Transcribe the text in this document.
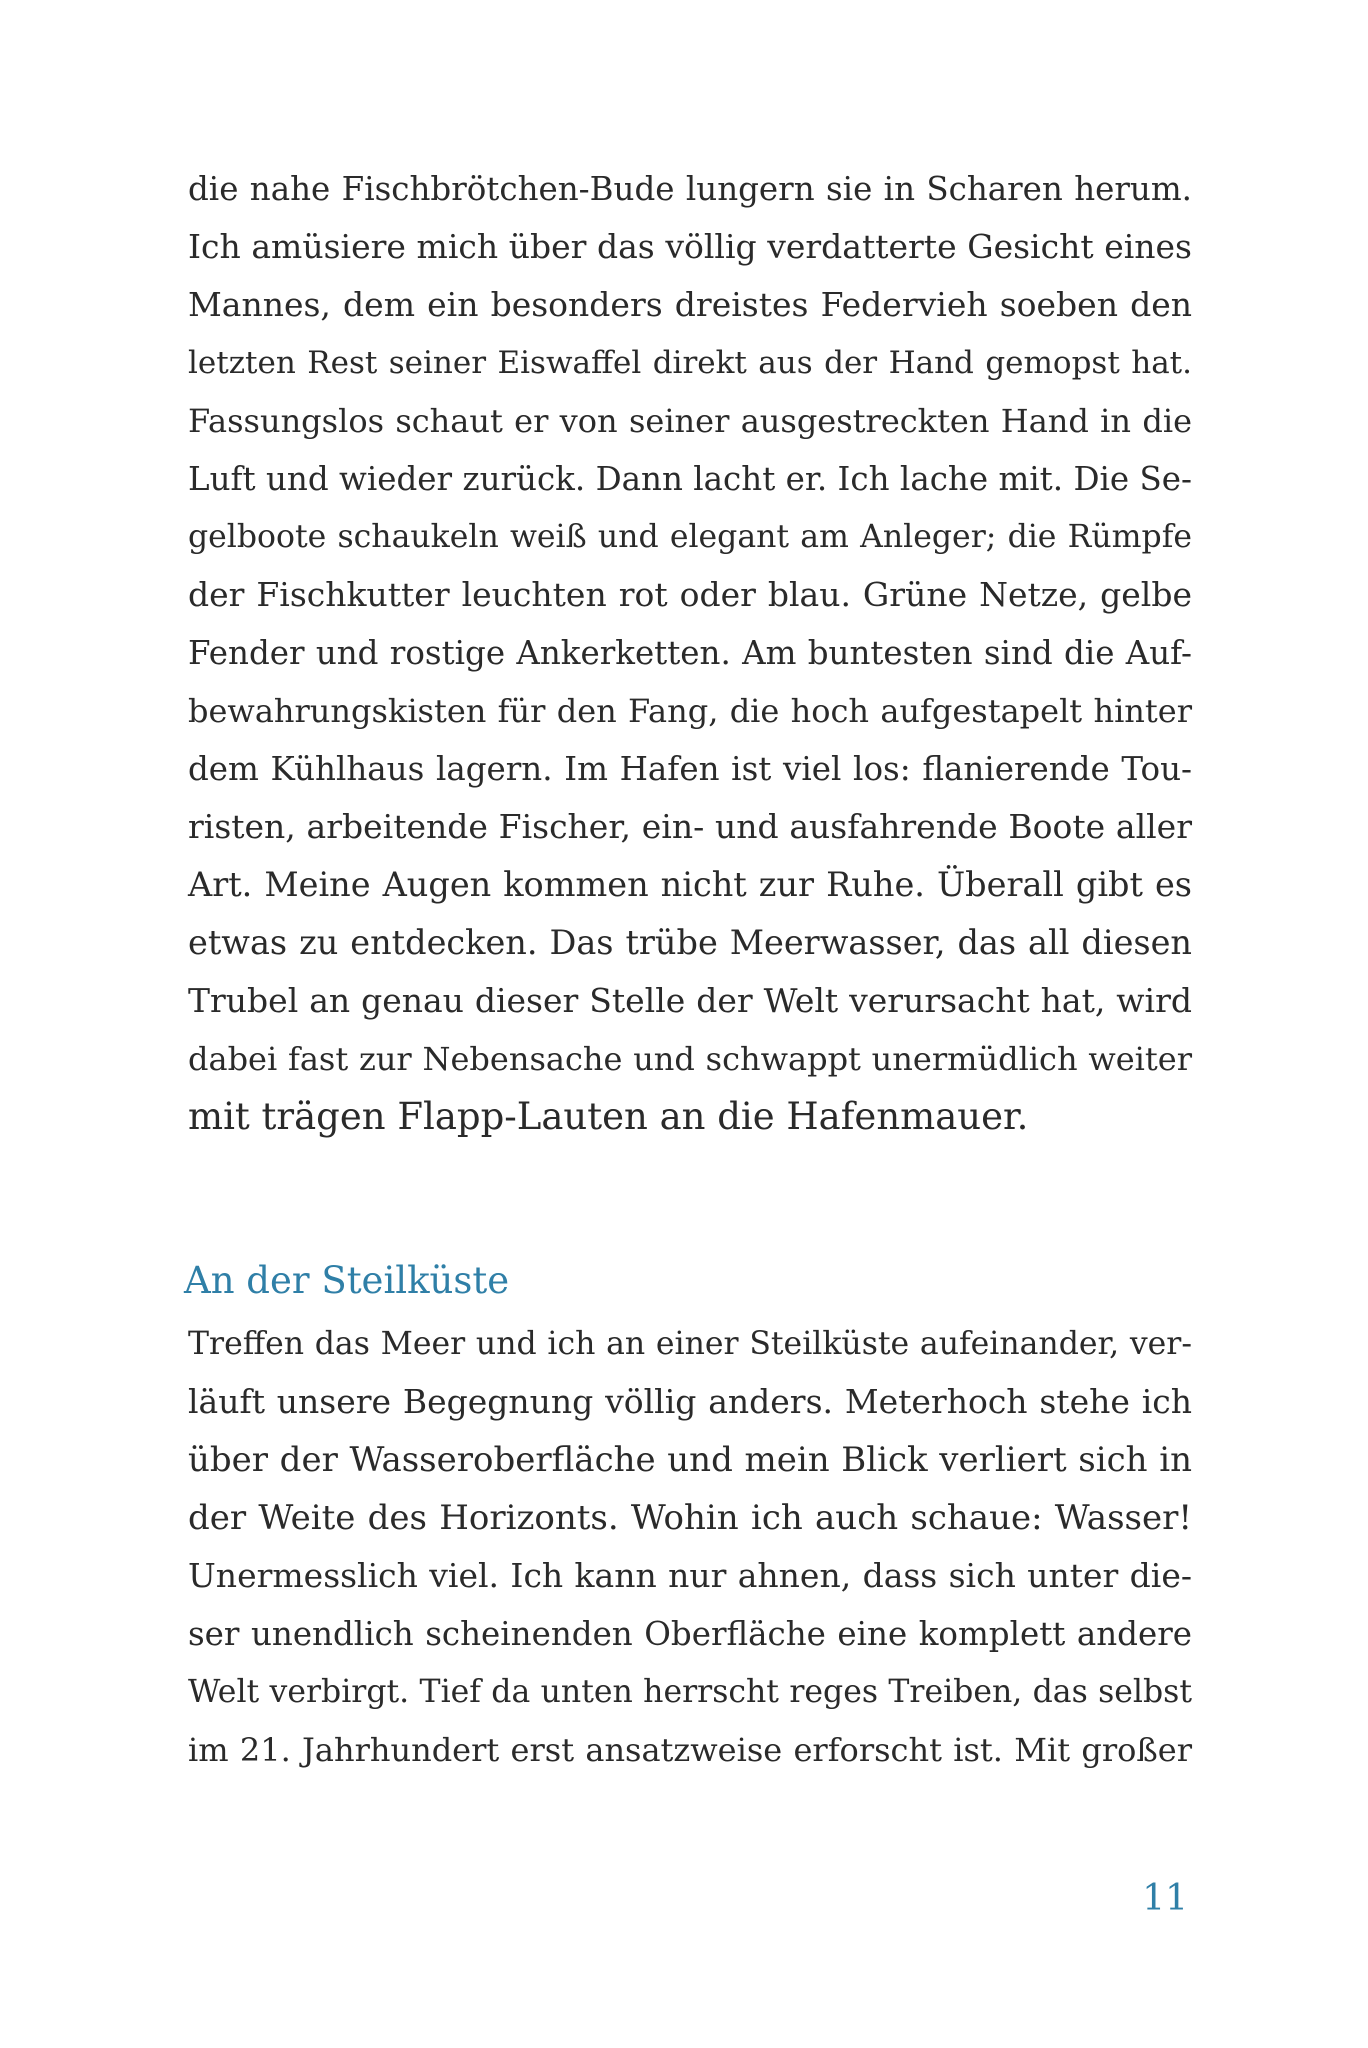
die nahe Fischbrötchen-Bude lungern sie in Scharen herum.
Ich amüsiere mich über das völlig verdatterte Gesicht eines
Mannes, dem ein besonders dreistes Federvieh soeben den
letzten Rest seiner Eiswaffel direkt aus der Hand gemopst hat.
Fassungslos schaut er von seiner ausgestreckten Hand in die
Luft und wieder zurück. Dann lacht er. Ich lache mit. Die Se-
gelboote schaukeln weiß und elegant am Anleger; die Rümpfe
der Fischkutter leuchten rot oder blau. Grüne Netze, gelbe
Fender und rostige Ankerketten. Am buntesten sind die Auf-
bewahrungskisten für den Fang, die hoch aufgestapelt hinter
dem Kühlhaus lagern. Im Hafen ist viel los: flanierende Tou-
risten, arbeitende Fischer, ein- und ausfahrende Boote aller
Art. Meine Augen kommen nicht zur Ruhe. Überall gibt es
etwas zu entdecken. Das trübe Meerwasser, das all diesen
Trubel an genau dieser Stelle der Welt verursacht hat, wird
dabei fast zur Nebensache und schwappt unermüdlich weiter
mit trägen Flapp-Lauten an die Hafenmauer.
An der Steilküste
Treffen das Meer und ich an einer Steilküste aufeinander, ver-
läuft unsere Begegnung völlig anders. Meterhoch stehe ich
über der Wasseroberfläche und mein Blick verliert sich in
der Weite des Horizonts. Wohin ich auch schaue: Wasser!
Unermesslich viel. Ich kann nur ahnen, dass sich unter die-
ser unendlich scheinenden Oberfläche eine komplett andere
Welt verbirgt. Tief da unten herrscht reges Treiben, das selbst
im 21. Jahrhundert erst ansatzweise erforscht ist. Mit großer
11
